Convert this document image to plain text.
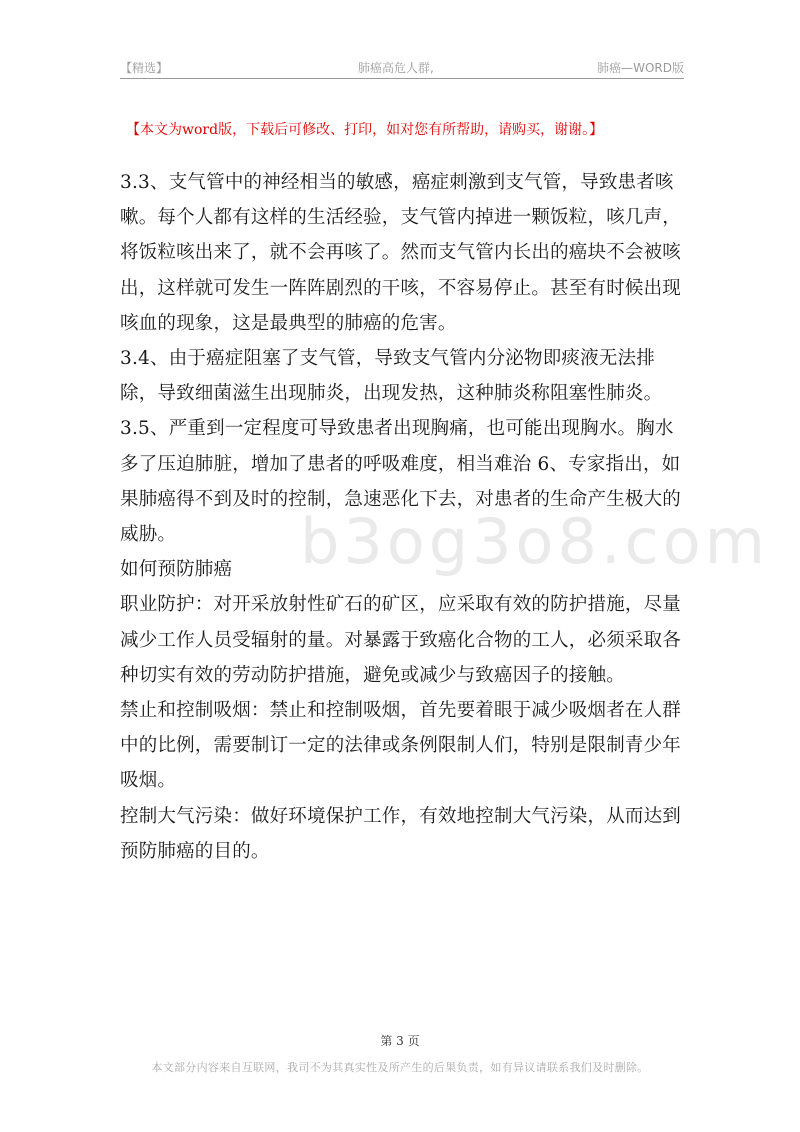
【精选】	肺癌高危人群,	肺癌—WORD版
【本文为word版，下载后可修改、打印，如对您有所帮助，请购买，谢谢。】

3.3、支气管中的神经相当的敏感，癌症刺激到支气管，导致患者咳嗽。每个人都有这样的生活经验，支气管内掉进一颗饭粒，咳几声，将饭粒咳出来了，就不会再咳了。然而支气管内长出的癌块不会被咳出，这样就可发生一阵阵剧烈的干咳，不容易停止。甚至有时候出现咳血的现象，这是最典型的肺癌的危害。

3.4、由于癌症阻塞了支气管，导致支气管内分泌物即痰液无法排除，导致细菌滋生出现肺炎，出现发热，这种肺炎称阻塞性肺炎。

3.5、严重到一定程度可导致患者出现胸痛，也可能出现胸水。胸水多了压迫肺脏，增加了患者的呼吸难度，相当难治 6、专家指出，如果肺癌得不到及时的控制，急速恶化下去，对患者的生命产生极大的威胁。

如何预防肺癌

职业防护：对开采放射性矿石的矿区，应采取有效的防护措施，尽量减少工作人员受辐射的量。对暴露于致癌化合物的工人，必须采取各种切实有效的劳动防护措施，避免或减少与致癌因子的接触。

禁止和控制吸烟：禁止和控制吸烟，首先要着眼于减少吸烟者在人群中的比例，需要制订一定的法律或条例限制人们，特别是限制青少年吸烟。

控制大气污染：做好环境保护工作，有效地控制大气污染，从而达到预防肺癌的目的。

b3og3o8.com
第 3 页
本文部分内容来自互联网，我司不为其真实性及所产生的后果负责，如有异议请联系我们及时删除。
